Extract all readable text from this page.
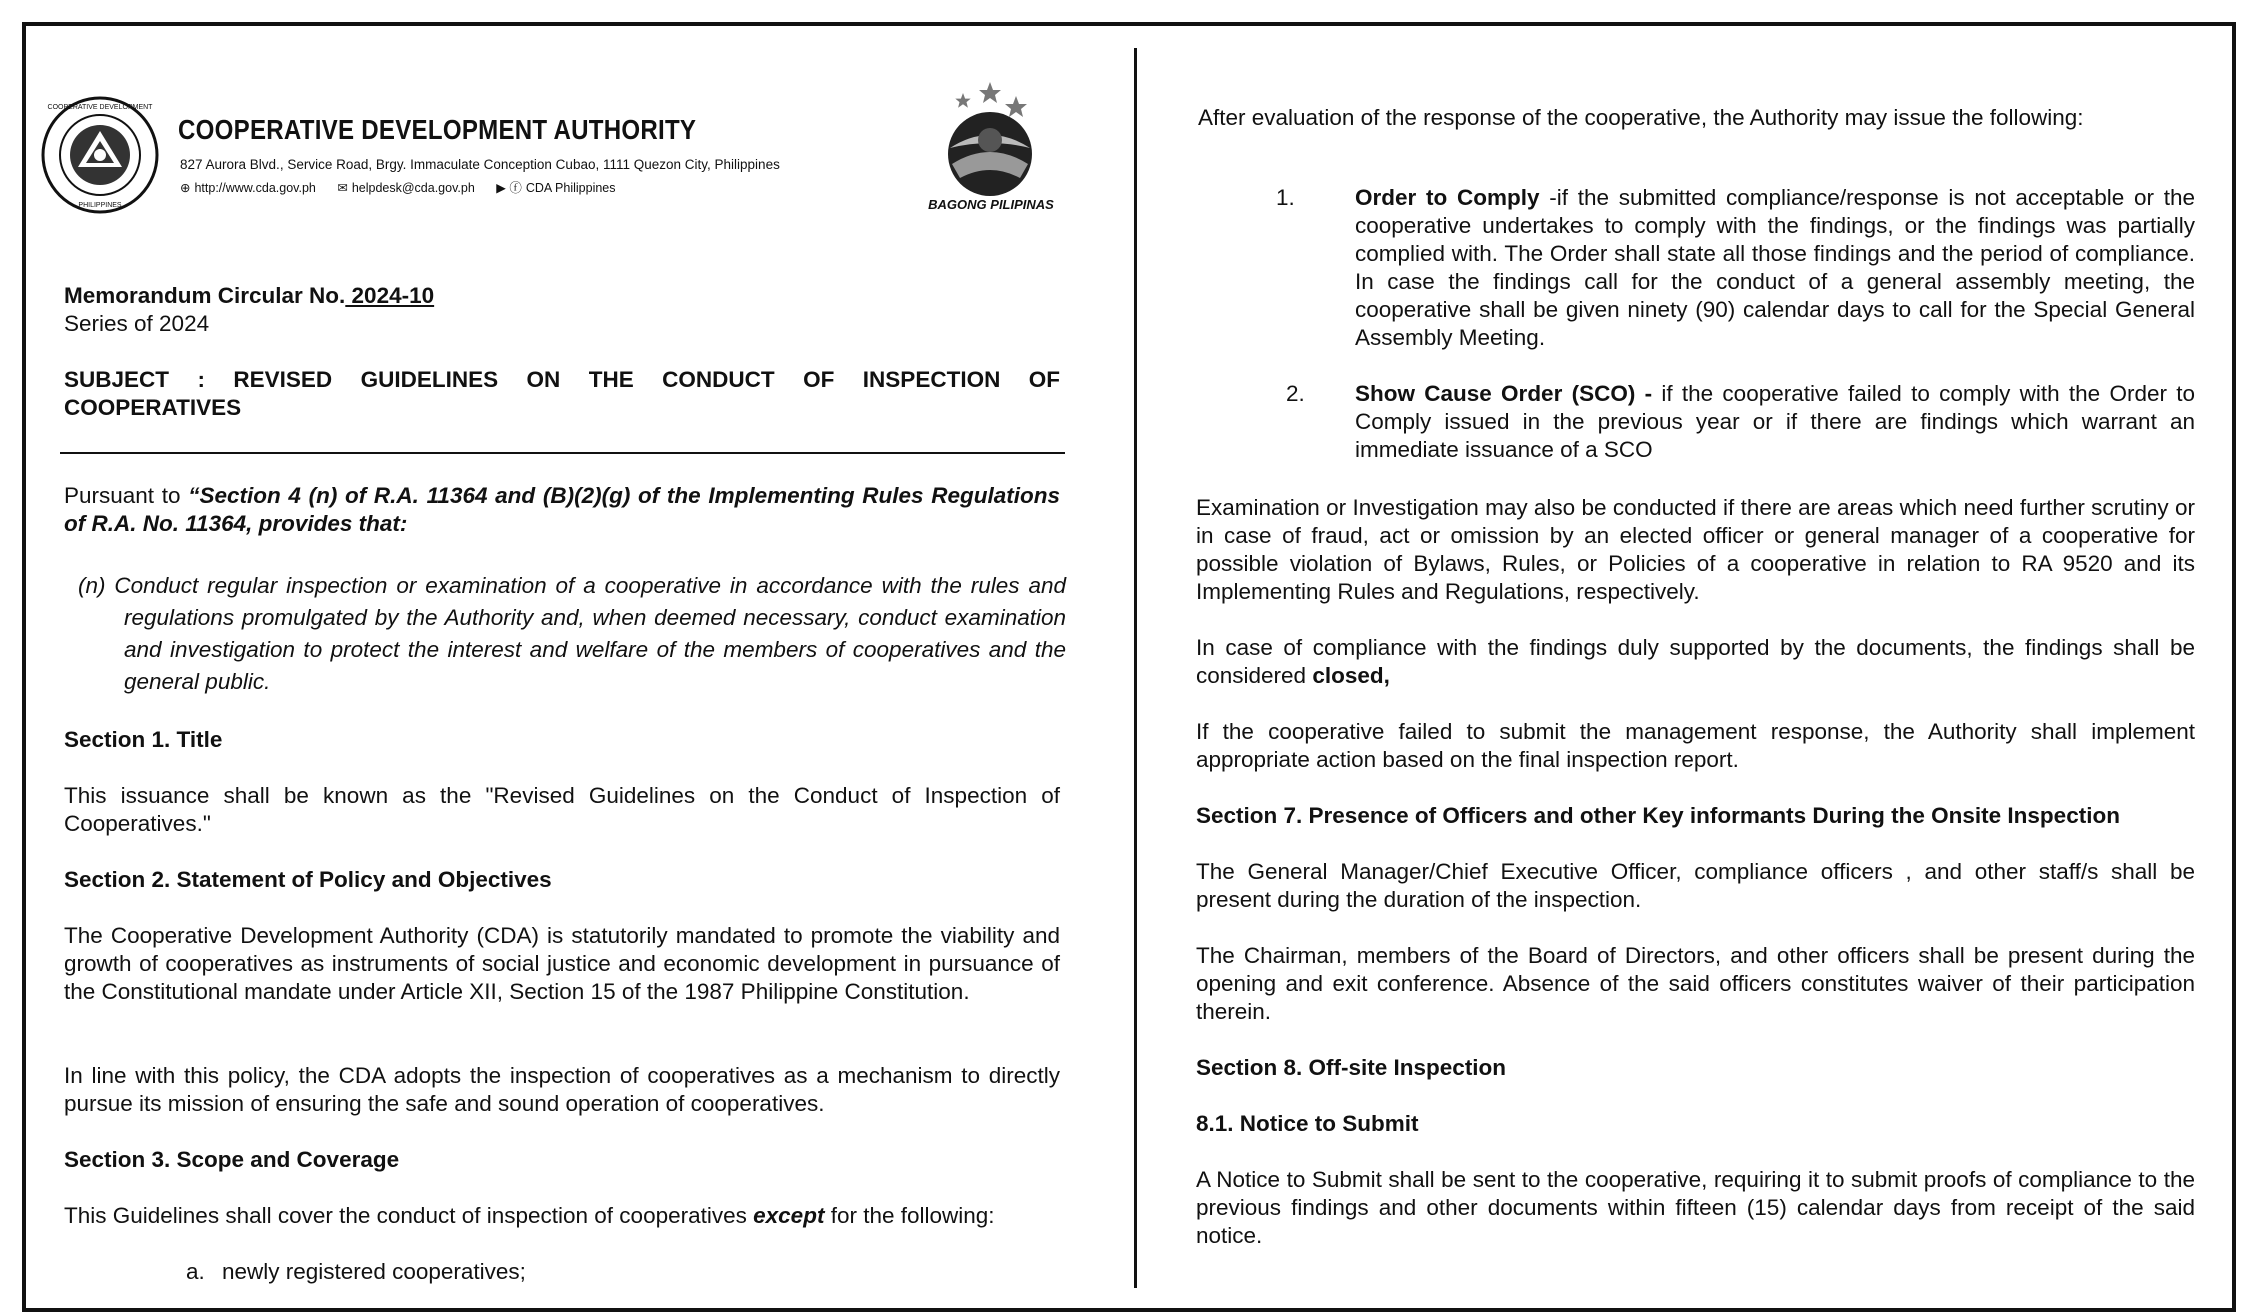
COOPERATIVE DEVELOPMENT
PHILIPPINES
COOPERATIVE DEVELOPMENT AUTHORITY
827 Aurora Blvd., Service Road, Brgy. Immaculate Conception Cubao, 1111 Quezon City, Philippines
⊕ http://www.cda.gov.ph ✉ helpdesk@cda.gov.ph ▶ ⓕ CDA Philippines
BAGONG PILIPINAS
Memorandum Circular No. 2024-10
Series of 2024
SUBJECT : REVISED GUIDELINES ON THE CONDUCT OF INSPECTION OF
COOPERATIVES
Pursuant to “Section 4 (n) of R.A. 11364 and (B)(2)(g) of the Implementing Rules Regulations of R.A. No. 11364, provides that:
(n) Conduct regular inspection or examination of a cooperative in accordance with the rules and regulations promulgated by the Authority and, when deemed necessary, conduct examination and investigation to protect the interest and welfare of the members of cooperatives and the general public.
Section 1. Title
This issuance shall be known as the "Revised Guidelines on the Conduct of Inspection of Cooperatives."
Section 2. Statement of Policy and Objectives
The Cooperative Development Authority (CDA) is statutorily mandated to promote the viability and growth of cooperatives as instruments of social justice and economic development in pursuance of the Constitutional mandate under Article XII, Section 15 of the 1987 Philippine Constitution.
In line with this policy, the CDA adopts the inspection of cooperatives as a mechanism to directly pursue its mission of ensuring the safe and sound operation of cooperatives.
Section 3. Scope and Coverage
This Guidelines shall cover the conduct of inspection of cooperatives except for the following:
a. newly registered cooperatives;
After evaluation of the response of the cooperative, the Authority may issue the following:
1.	Order to Comply -if the submitted compliance/response is not acceptable or the cooperative undertakes to comply with the findings, or the findings was partially complied with. The Order shall state all those findings and the period of compliance. In case the findings call for the conduct of a general assembly meeting, the cooperative shall be given ninety (90) calendar days to call for the Special General Assembly Meeting.
2. Show Cause Order (SCO) - if the cooperative failed to comply with the Order to Comply issued in the previous year or if there are findings which warrant an immediate issuance of a SCO
Examination or Investigation may also be conducted if there are areas which need further scrutiny or in case of fraud, act or omission by an elected officer or general manager of a cooperative for possible violation of Bylaws, Rules, or Policies of a cooperative in relation to RA 9520 and its Implementing Rules and Regulations, respectively.
In case of compliance with the findings duly supported by the documents, the findings shall be considered closed,
If the cooperative failed to submit the management response, the Authority shall implement appropriate action based on the final inspection report.
Section 7. Presence of Officers and other Key informants During the Onsite Inspection
The General Manager/Chief Executive Officer, compliance officers , and other staff/s shall be present during the duration of the inspection.
The Chairman, members of the Board of Directors, and other officers shall be present during the opening and exit conference. Absence of the said officers constitutes waiver of their participation therein.
Section 8. Off-site Inspection
8.1. Notice to Submit
A Notice to Submit shall be sent to the cooperative, requiring it to submit proofs of compliance to the previous findings and other documents within fifteen (15) calendar days from receipt of the said notice.
